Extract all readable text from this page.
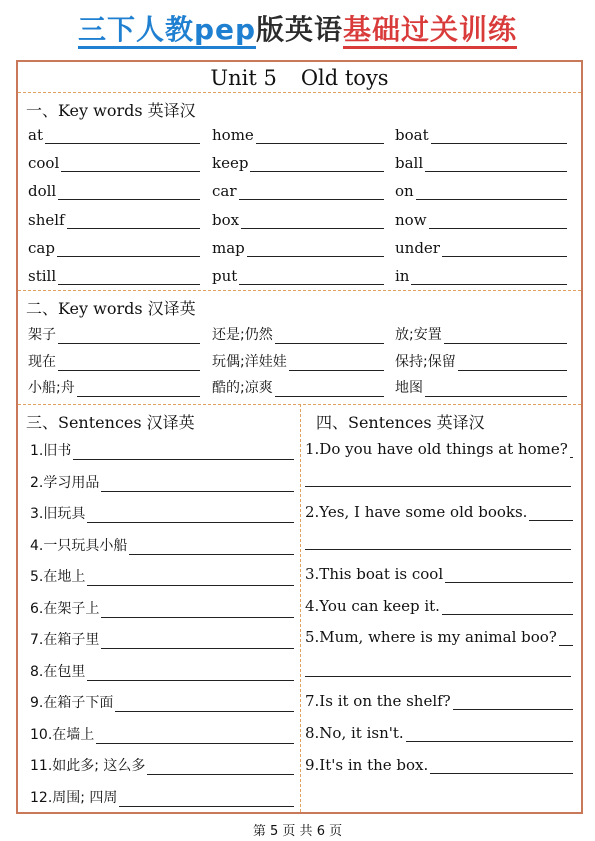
三下人教pep版英语基础过关训练
Unit 5 Old toys
一、Key words 英译汉
at	home	boat
cool	keep	ball
doll	car	on
shelf	box	now
cap	map	under
still	put	in
二、Key words 汉译英
架子	还是;仍然	放;安置
现在	玩偶;洋娃娃	保持;保留
小船;舟	酷的;凉爽	地图
三、Sentences 汉译英
1.旧书
2.学习用品
3.旧玩具
4.一只玩具小船
5.在地上
6.在架子上
7.在箱子里
8.在包里
9.在箱子下面
10.在墙上
11.如此多; 这么多
12.周围; 四周
四、Sentences 英译汉
1.Do you have old things at home?
2.Yes, I have some old books.
3.This boat is cool
4.You can keep it.
5.Mum, where is my animal boo?
7.Is it on the shelf?
8.No, it isn't.
9.It's in the box.
第 5 页 共 6 页
